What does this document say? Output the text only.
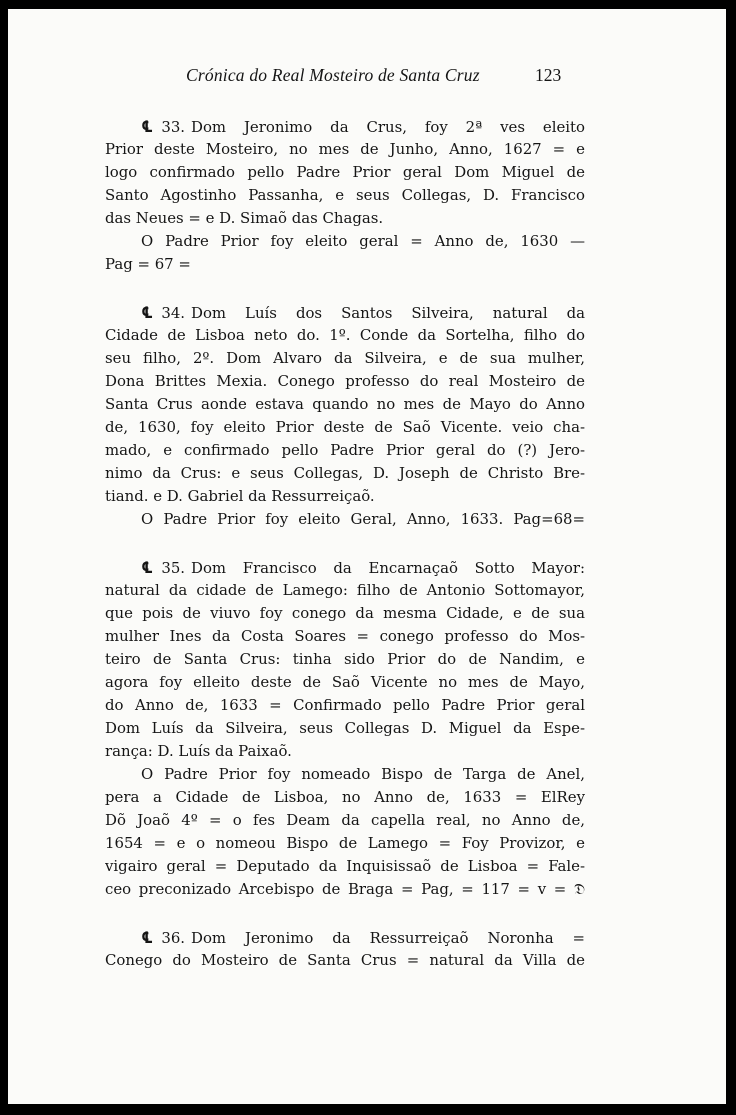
Crónica do Real Mosteiro de Santa Cruz	123
℄ 33. Dom Jeronimo da Crus, foy 2ª ves eleito
Prior deste Mosteiro, no mes de Junho, Anno, 1627 = e
logo confirmado pello Padre Prior geral Dom Miguel de
Santo Agostinho Passanha, e seus Collegas, D. Francisco
das Neues = e D. Simaõ das Chagas.
O Padre Prior foy eleito geral = Anno de, 1630 —
Pag = 67 =
℄ 34. Dom Luís dos Santos Silveira, natural da
Cidade de Lisboa neto do. 1º. Conde da Sortelha, filho do
seu filho, 2º. Dom Alvaro da Silveira, e de sua mulher,
Dona Brittes Mexia. Conego professo do real Mosteiro de
Santa Crus aonde estava quando no mes de Mayo do Anno
de, 1630, foy eleito Prior deste de Saõ Vicente. veio cha-
mado, e confirmado pello Padre Prior geral do (?) Jero-
nimo da Crus: e seus Collegas, D. Joseph de Christo Bre-
tiand. e D. Gabriel da Ressurreiçaõ.
O Padre Prior foy eleito Geral, Anno, 1633. Pag=68=
℄ 35. Dom Francisco da Encarnaçaõ Sotto Mayor:
natural da cidade de Lamego: filho de Antonio Sottomayor,
que pois de viuvo foy conego da mesma Cidade, e de sua
mulher Ines da Costa Soares = conego professo do Mos-
teiro de Santa Crus: tinha sido Prior do de Nandim, e
agora foy elleito deste de Saõ Vicente no mes de Mayo,
do Anno de, 1633 = Confirmado pello Padre Prior geral
Dom Luís da Silveira, seus Collegas D. Miguel da Espe-
rança: D. Luís da Paixaõ.
O Padre Prior foy nomeado Bispo de Targa de Anel,
pera a Cidade de Lisboa, no Anno de, 1633 = ElRey
Dõ Joaõ 4º = o fes Deam da capella real, no Anno de,
1654 = e o nomeou Bispo de Lamego = Foy Provizor, e
vigairo geral = Deputado da Inquisissaõ de Lisboa = Fale-
ceo preconizado Arcebispo de Braga = Pag, = 117 = v = 𝔇
℄ 36. Dom Jeronimo da Ressurreiçaõ Noronha =
Conego do Mosteiro de Santa Crus = natural da Villa de
